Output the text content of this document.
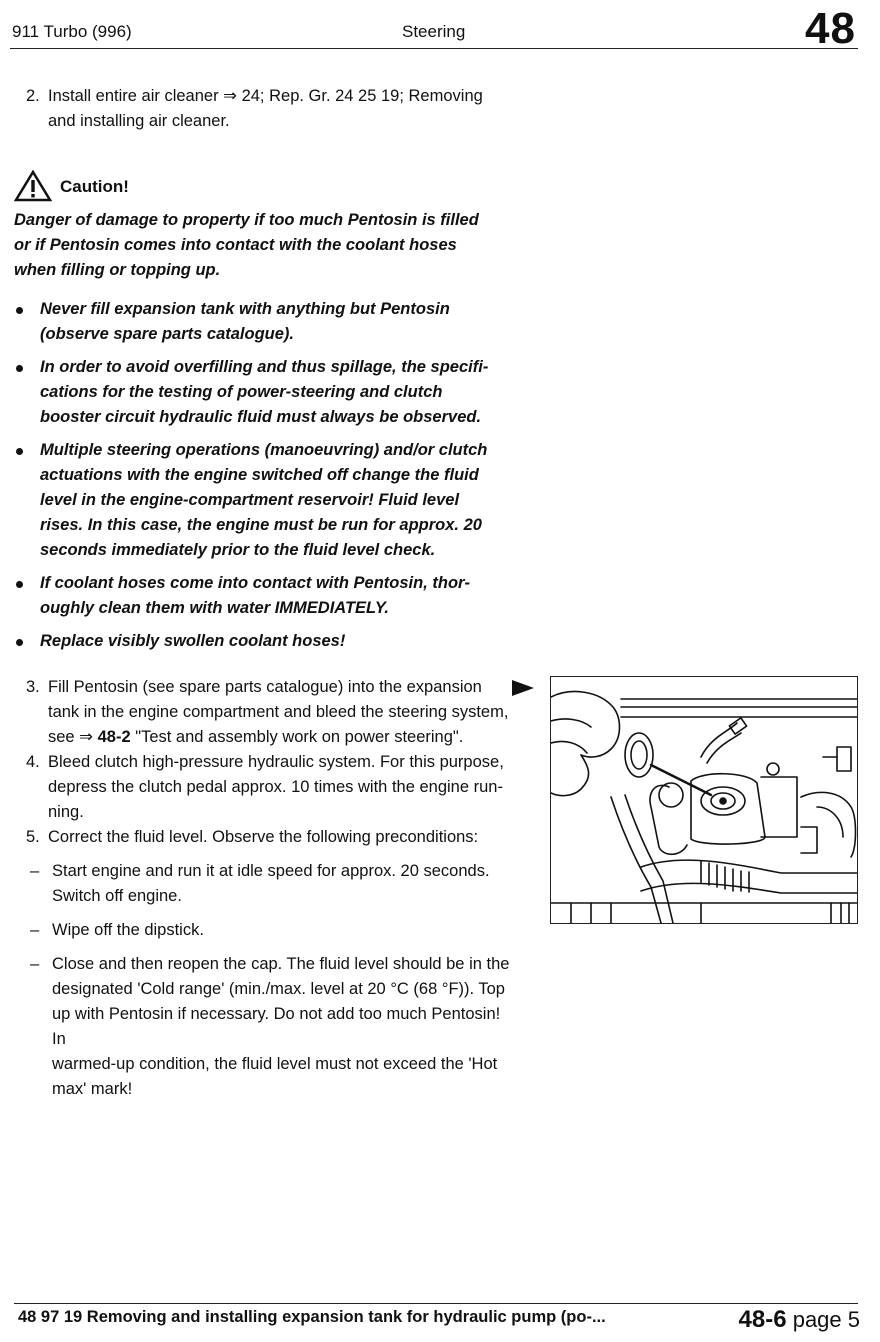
911 Turbo (996)	Steering	48
2. Install entire air cleaner ⇒ 24; Rep. Gr. 24 25 19; Removing
and installing air cleaner.
Caution!
Danger of damage to property if too much Pentosin is filled
or if Pentosin comes into contact with the coolant hoses
when filling or topping up.
Never fill expansion tank with anything but Pentosin
(observe spare parts catalogue).
In order to avoid overfilling and thus spillage, the specifi-
cations for the testing of power-steering and clutch
booster circuit hydraulic fluid must always be observed.
Multiple steering operations (manoeuvring) and/or clutch
actuations with the engine switched off change the fluid
level in the engine-compartment reservoir! Fluid level
rises. In this case, the engine must be run for approx. 20
seconds immediately prior to the fluid level check.
If coolant hoses come into contact with Pentosin, thor-
oughly clean them with water IMMEDIATELY.
Replace visibly swollen coolant hoses!
3. Fill Pentosin (see spare parts catalogue) into the expansion
tank in the engine compartment and bleed the steering system,
see ⇒ 48-2 "Test and assembly work on power steering".
4. Bleed clutch high-pressure hydraulic system. For this purpose,
depress the clutch pedal approx. 10 times with the engine run-
ning.
5. Correct the fluid level. Observe the following preconditions:
– Start engine and run it at idle speed for approx. 20 seconds.
Switch off engine.
– Wipe off the dipstick.
– Close and then reopen the cap. The fluid level should be in the
designated 'Cold range' (min./max. level at 20 °C (68 °F)). Top
up with Pentosin if necessary. Do not add too much Pentosin! In
warmed-up condition, the fluid level must not exceed the 'Hot
max' mark!
48 97 19 Removing and installing expansion tank for hydraulic pump (po-...	48-6 page 5
